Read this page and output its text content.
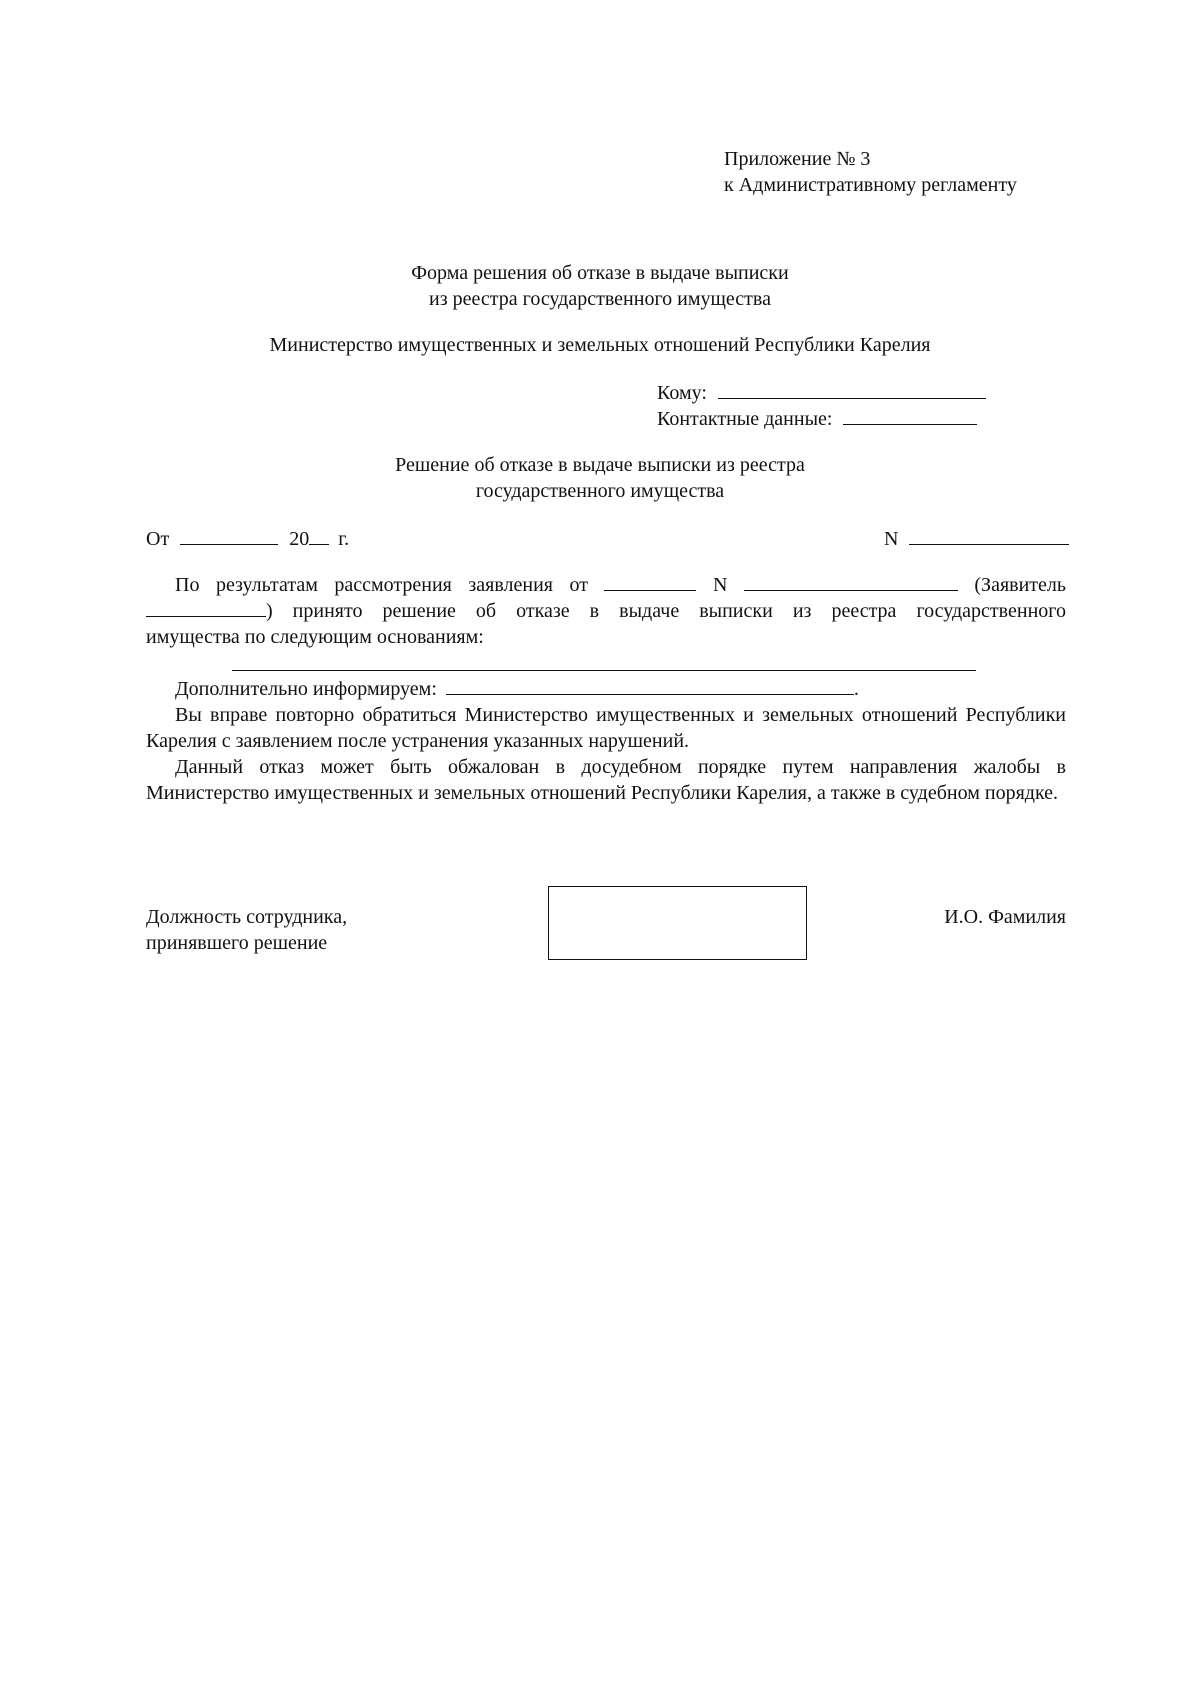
Приложение № 3
к Административному регламенту
Форма решения об отказе в выдаче выписки
из реестра государственного имущества
Министерство имущественных и земельных отношений Республики Карелия
Кому:
Контактные данные:
Решение об отказе в выдаче выписки из реестра
государственного имущества
От	20 г.	N
По результатам рассмотрения заявления от	N	(Заявитель
) принято решение об отказе в выдаче выписки из реестра государственного
имущества по следующим основаниям:
Дополнительно информируем:	.
Вы вправе повторно обратиться Министерство имущественных и земельных отношений Республики Карелия с заявлением после устранения указанных нарушений.
Данный отказ может быть обжалован в досудебном порядке путем направления жалобы в Министерство имущественных и земельных отношений Республики Карелия, а также в судебном порядке.
Должность сотрудника,
принявшего решение
И.О. Фамилия
